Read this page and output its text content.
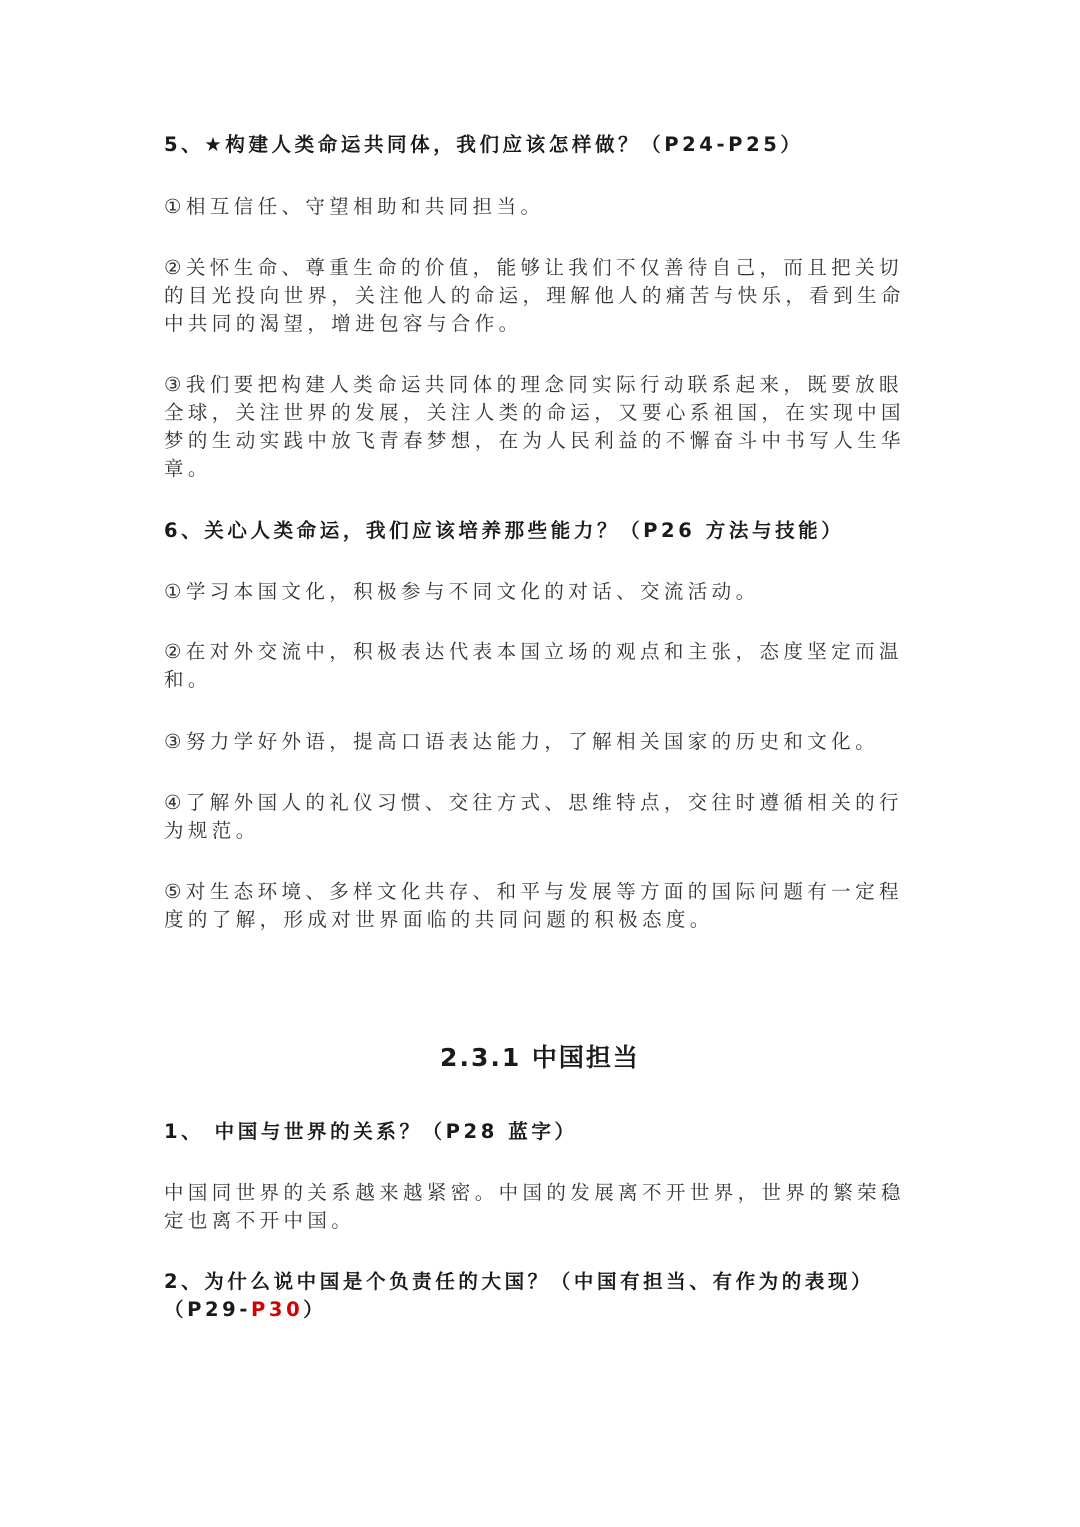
5、★构建人类命运共同体，我们应该怎样做？（P24-P25）
①相互信任、守望相助和共同担当。
②关怀生命、尊重生命的价值，能够让我们不仅善待自己，而且把关切的目光投向世界，关注他人的命运，理解他人的痛苦与快乐，看到生命中共同的渴望，增进包容与合作。
③我们要把构建人类命运共同体的理念同实际行动联系起来，既要放眼全球，关注世界的发展，关注人类的命运，又要心系祖国，在实现中国梦的生动实践中放飞青春梦想，在为人民利益的不懈奋斗中书写人生华章。
6、关心人类命运，我们应该培养那些能力？（P26 方法与技能）
①学习本国文化，积极参与不同文化的对话、交流活动。
②在对外交流中，积极表达代表本国立场的观点和主张，态度坚定而温和。
③努力学好外语，提高口语表达能力，了解相关国家的历史和文化。
④了解外国人的礼仪习惯、交往方式、思维特点，交往时遵循相关的行为规范。
⑤对生态环境、多样文化共存、和平与发展等方面的国际问题有一定程度的了解，形成对世界面临的共同问题的积极态度。
2.3.1 中国担当
1、 中国与世界的关系？（P28 蓝字）
中国同世界的关系越来越紧密。中国的发展离不开世界，世界的繁荣稳定也离不开中国。
2、为什么说中国是个负责任的大国？（中国有担当、有作为的表现）（P29-P30）
